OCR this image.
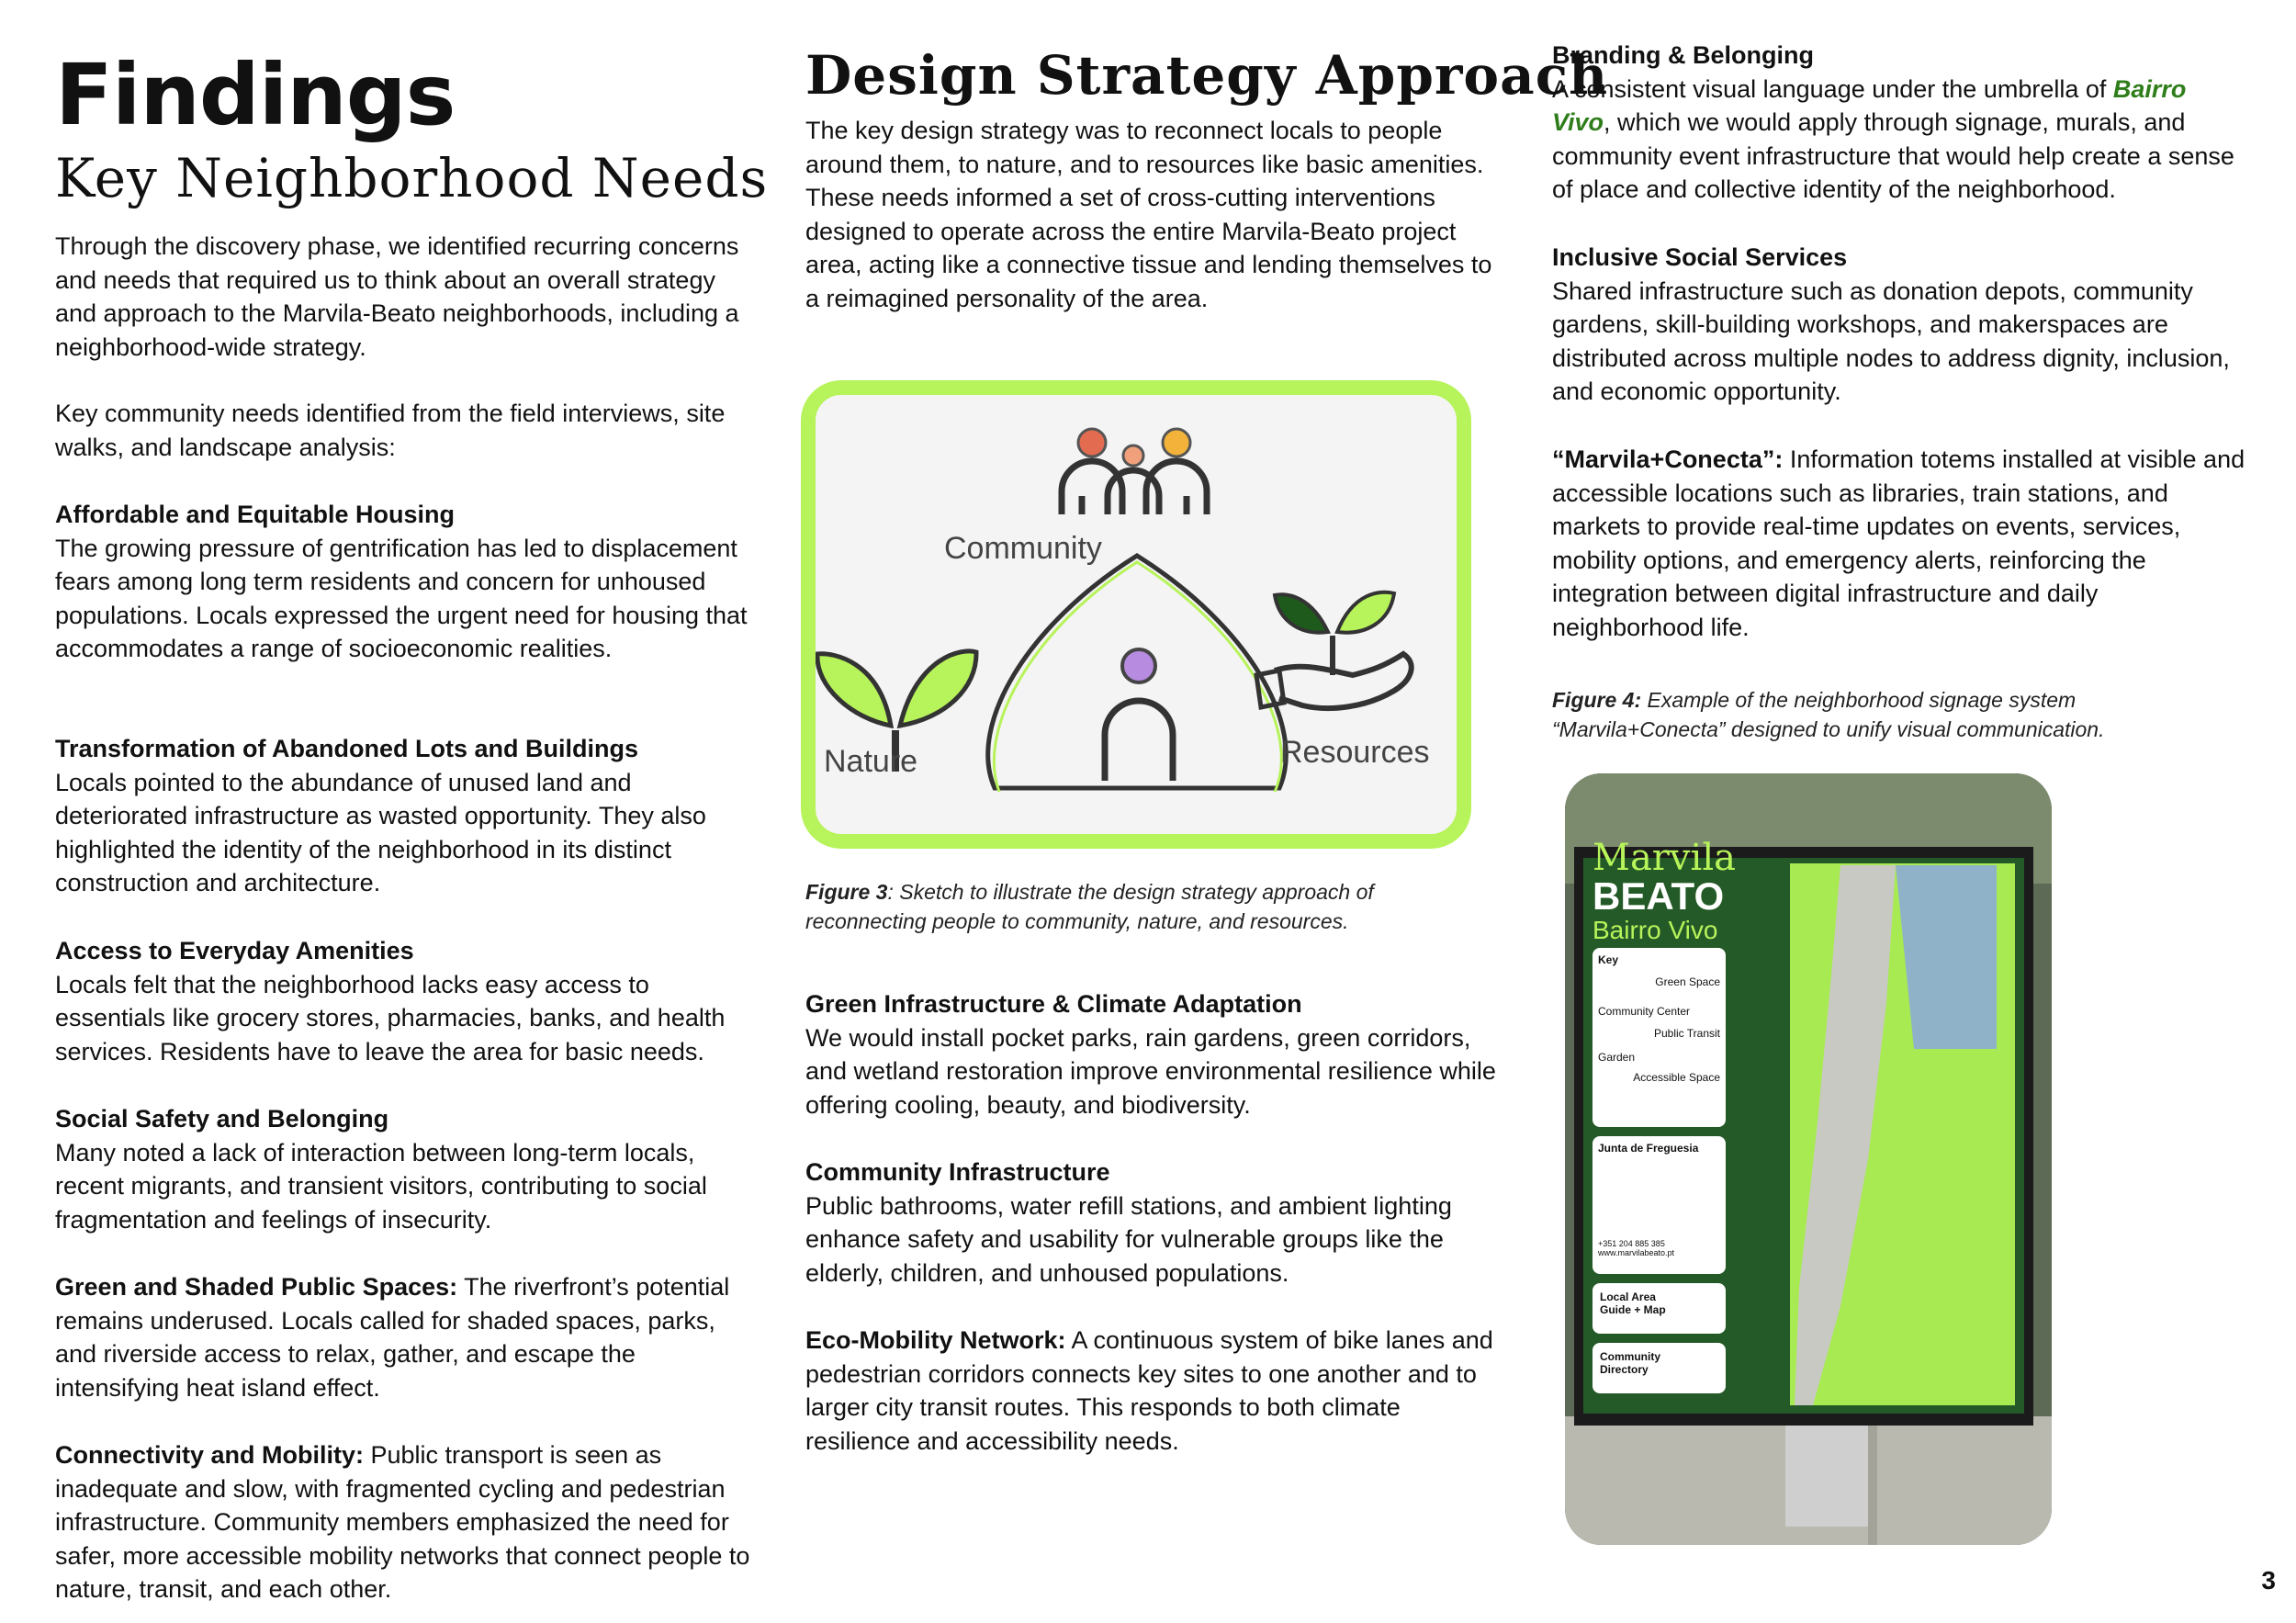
Findings
Key Neighborhood Needs

Through the discovery phase, we identified recurring concerns and needs that required us to think about an overall strategy and approach to the Marvila-Beato neighborhoods, including a neighborhood-wide strategy.

Key community needs identified from the field interviews, site walks, and landscape analysis:

Affordable and Equitable Housing

The growing pressure of gentrification has led to displacement fears among long term residents and concern for unhoused populations. Locals expressed the urgent need for housing that accommodates a range of socioeconomic realities.

Transformation of Abandoned Lots and Buildings

Locals pointed to the abundance of unused land and deteriorated infrastructure as wasted opportunity. They also highlighted the identity of the neighborhood in its distinct construction and architecture.

Access to Everyday Amenities

Locals felt that the neighborhood lacks easy access to essentials like grocery stores, pharmacies, banks, and health services. Residents have to leave the area for basic needs.

Social Safety and Belonging

Many noted a lack of interaction between long-term locals, recent migrants, and transient visitors, contributing to social fragmentation and feelings of insecurity.

Green and Shaded Public Spaces: The riverfront’s potential remains underused. Locals called for shaded spaces, parks, and riverside access to relax, gather, and escape the intensifying heat island effect.

Connectivity and Mobility: Public transport is seen as inadequate and slow, with fragmented cycling and pedestrian infrastructure. Community members emphasized the need for safer, more accessible mobility networks that connect people to nature, transit, and each other.

Design Strategy Approach

The key design strategy was to reconnect locals to people around them, to nature, and to resources like basic amenities. These needs informed a set of cross-cutting interventions designed to operate across the entire Marvila-Beato project area, acting like a connective tissue and lending themselves to a reimagined personality of the area.

Figure 3: Sketch to illustrate the design strategy approach of reconnecting people to community, nature, and resources.

Green Infrastructure & Climate Adaptation

We would install pocket parks, rain gardens, green corridors, and wetland restoration improve environmental resilience while offering cooling, beauty, and biodiversity.

Community Infrastructure

Public bathrooms, water refill stations, and ambient lighting enhance safety and usability for vulnerable groups like the elderly, children, and unhoused populations.

Eco-Mobility Network: A continuous system of bike lanes and pedestrian corridors connects key sites to one another and to larger city transit routes. This responds to both climate resilience and accessibility needs.

Community

Nature	Resources

Branding & Belonging

A consistent visual language under the umbrella of Bairro Vivo, which we would apply through signage, murals, and community event infrastructure that would help create a sense of place and collective identity of the neighborhood.

Inclusive Social Services

Shared infrastructure such as donation depots, community gardens, skill-building workshops, and makerspaces are distributed across multiple nodes to address dignity, inclusion, and economic opportunity.

“Marvila+Conecta”: Information totems installed at visible and accessible locations such as libraries, train stations, and markets to provide real-time updates on events, services, mobility options, and emergency alerts, reinforcing the integration between digital infrastructure and daily neighborhood life.

Figure 4: Example of the neighborhood signage system “Marvila+Conecta” designed to unify visual communication.

Marvila
BEATO
Bairro Vivo
Key
Green Space
Community Center
Public Transit
Garden
Accessible Space
Junta de Freguesia
+351 204 885 385
www.marvilabeato.pt
Local Area Guide + Map
Community Directory

3
